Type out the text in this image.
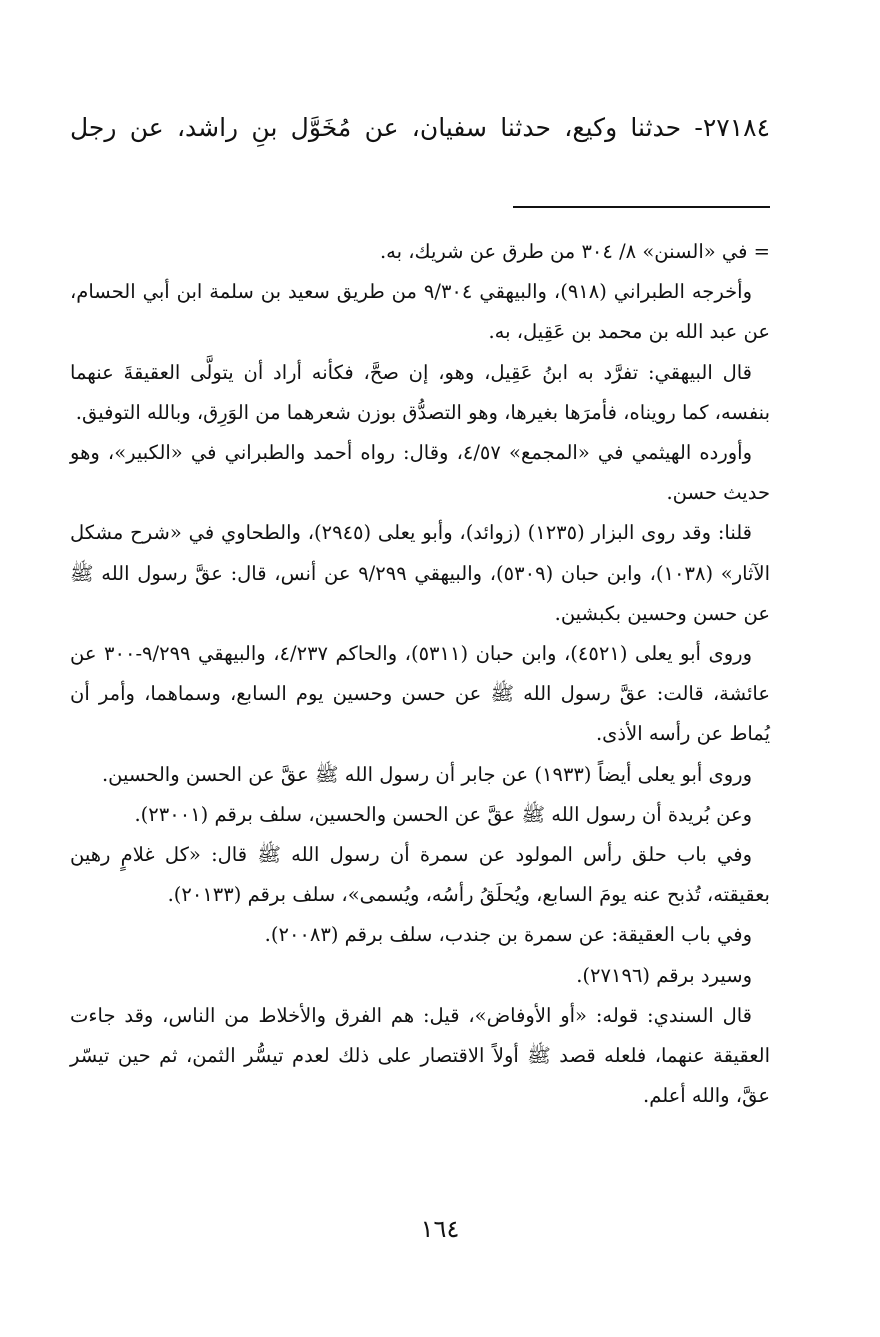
٢٧١٨٤- حدثنا وكيع، حدثنا سفيان، عن مُخَوَّل بنِ راشد، عن رجل

= في «السنن» ٨/ ٣٠٤ من طرق عن شريك، به.

وأخرجه الطبراني (٩١٨)، والبيهقي ٩/٣٠٤ من طريق سعيد بن سلمة ابن أبي الحسام، عن عبد الله بن محمد بن عَقِيل، به.

قال البيهقي: تفرَّد به ابنُ عَقِيل، وهو، إن صحَّ، فكأنه أراد أن يتولَّى العقيقةَ عنهما بنفسه، كما رويناه، فأمرَها بغيرها، وهو التصدُّق بوزن شعرهما من الوَرِق، وبالله التوفيق.

وأورده الهيثمي في «المجمع» ٤/٥٧، وقال: رواه أحمد والطبراني في «الكبير»، وهو حديث حسن.

قلنا: وقد روى البزار (١٢٣٥) (زوائد)، وأبو يعلى (٢٩٤٥)، والطحاوي في «شرح مشكل الآثار» (١٠٣٨)، وابن حبان (٥٣٠٩)، والبيهقي ٩/٢٩٩ عن أنس، قال: عقَّ رسول الله ﷺ عن حسن وحسين بكبشين.

وروى أبو يعلى (٤٥٢١)، وابن حبان (٥٣١١)، والحاكم ٤/٢٣٧، والبيهقي ٩/٢٩٩-٣٠٠ عن عائشة، قالت: عقَّ رسول الله ﷺ عن حسن وحسين يوم السابع، وسماهما، وأمر أن يُماط عن رأسه الأذى.

وروى أبو يعلى أيضاً (١٩٣٣) عن جابر أن رسول الله ﷺ عقَّ عن الحسن والحسين.

وعن بُريدة أن رسول الله ﷺ عقَّ عن الحسن والحسين، سلف برقم (٢٣٠٠١).

وفي باب حلق رأس المولود عن سمرة أن رسول الله ﷺ قال: «كل غلامٍ رهين بعقيقته، تُذبح عنه يومَ السابع، ويُحلَقُ رأسُه، ويُسمى»، سلف برقم (٢٠١٣٣).

وفي باب العقيقة: عن سمرة بن جندب، سلف برقم (٢٠٠٨٣).

وسيرد برقم (٢٧١٩٦).

قال السندي: قوله: «أو الأوفاض»، قيل: هم الفرق والأخلاط من الناس، وقد جاءت العقيقة عنهما، فلعله قصد ﷺ أولاً الاقتصار على ذلك لعدم تيسُّر الثمن، ثم حين تيسّر عقَّ، والله أعلم.

١٦٤
